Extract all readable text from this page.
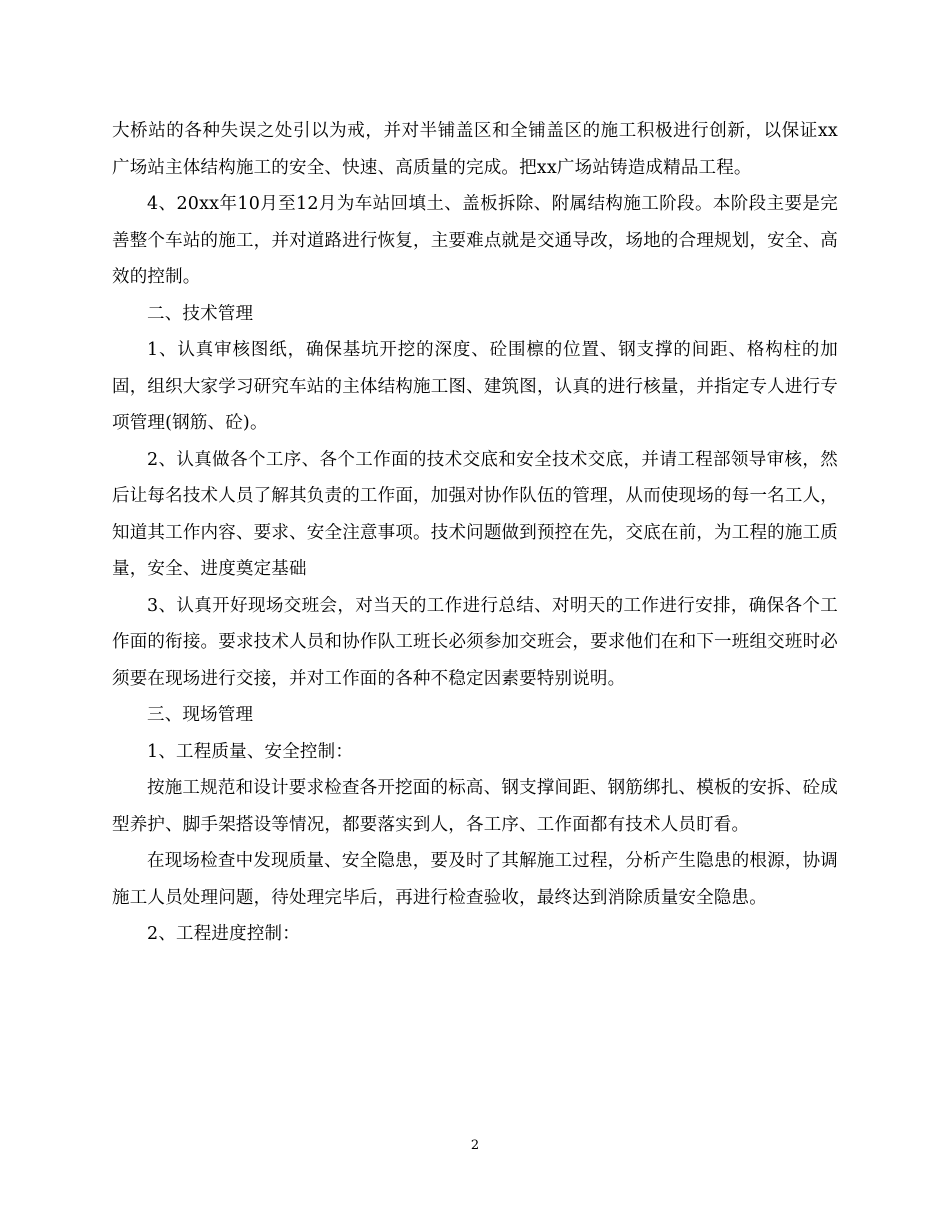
大桥站的各种失误之处引以为戒，并对半铺盖区和全铺盖区的施工积极进行创新，以保证xx广场站主体结构施工的安全、快速、高质量的完成。把xx广场站铸造成精品工程。

4、20xx年10月至12月为车站回填土、盖板拆除、附属结构施工阶段。本阶段主要是完善整个车站的施工，并对道路进行恢复，主要难点就是交通导改，场地的合理规划，安全、高效的控制。

二、技术管理

1、认真审核图纸，确保基坑开挖的深度、砼围檩的位置、钢支撑的间距、格构柱的加固，组织大家学习研究车站的主体结构施工图、建筑图，认真的进行核量，并指定专人进行专项管理(钢筋、砼)。

2、认真做各个工序、各个工作面的技术交底和安全技术交底，并请工程部领导审核，然后让每名技术人员了解其负责的工作面，加强对协作队伍的管理，从而使现场的每一名工人，知道其工作内容、要求、安全注意事项。技术问题做到预控在先，交底在前，为工程的施工质量，安全、进度奠定基础

3、认真开好现场交班会，对当天的工作进行总结、对明天的工作进行安排，确保各个工作面的衔接。要求技术人员和协作队工班长必须参加交班会，要求他们在和下一班组交班时必须要在现场进行交接，并对工作面的各种不稳定因素要特别说明。

三、现场管理

1、工程质量、安全控制：

按施工规范和设计要求检查各开挖面的标高、钢支撑间距、钢筋绑扎、模板的安拆、砼成型养护、脚手架搭设等情况，都要落实到人，各工序、工作面都有技术人员盯看。

在现场检查中发现质量、安全隐患，要及时了其解施工过程，分析产生隐患的根源，协调施工人员处理问题，待处理完毕后，再进行检查验收，最终达到消除质量安全隐患。

2、工程进度控制：

2
